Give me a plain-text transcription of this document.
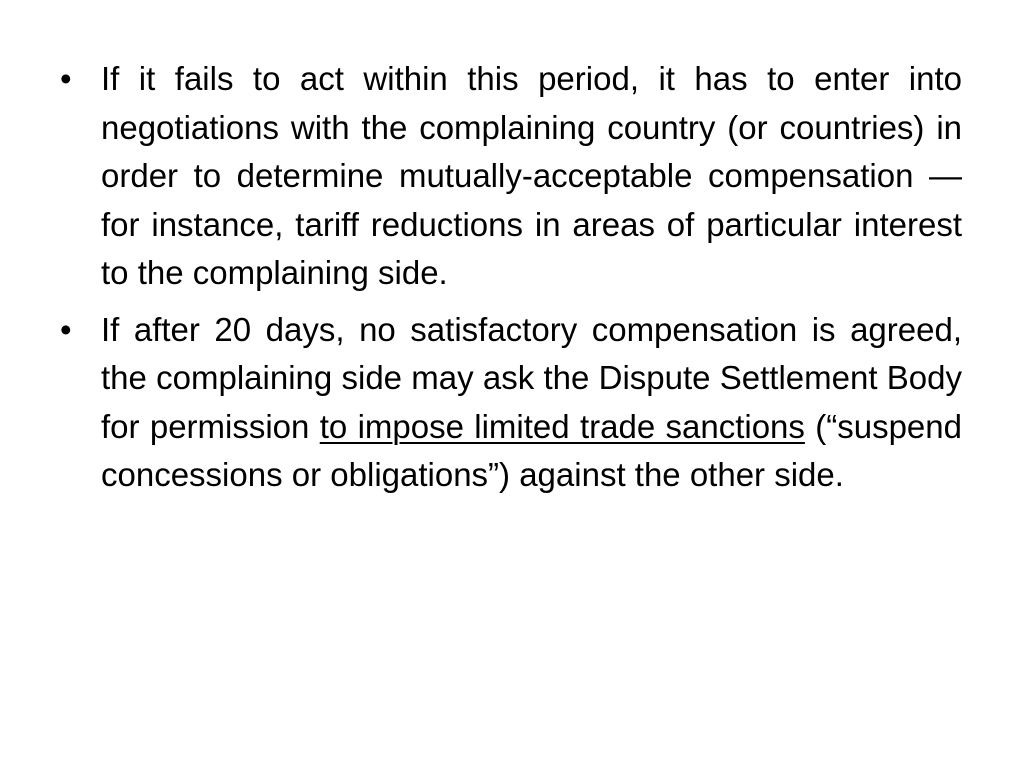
• If it fails to act within this period, it has to enter into negotiations with the complaining country (or countries) in order to determine mutually-acceptable compensation — for instance, tariff reductions in areas of particular interest to the complaining side.
• If after 20 days, no satisfactory compensation is agreed, the complaining side may ask the Dispute Settlement Body for permission to impose limited trade sanctions (“suspend concessions or obligations”) against the other side.
